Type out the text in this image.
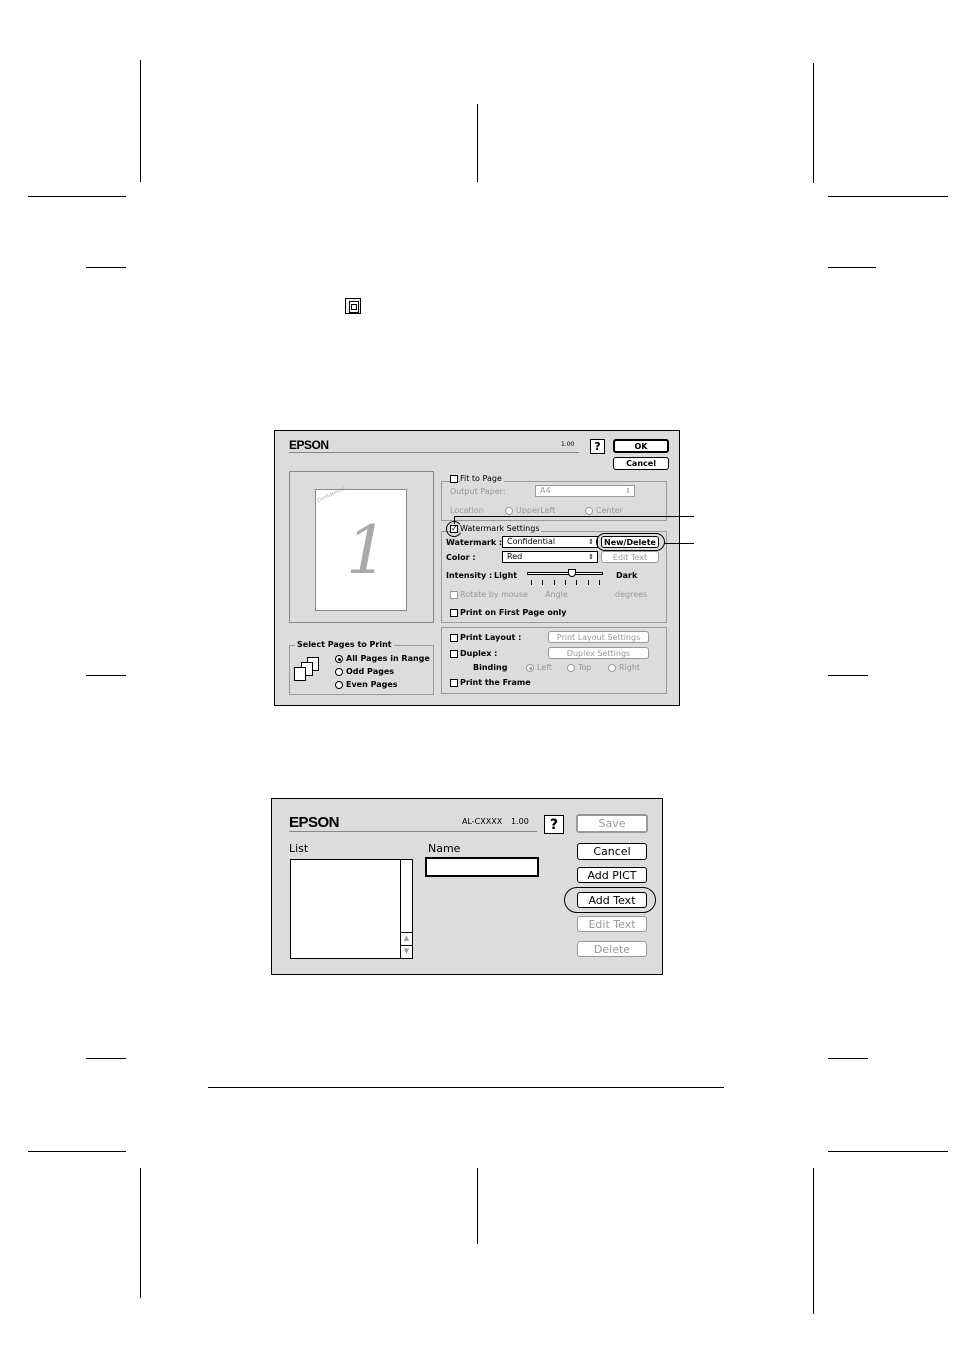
EPSON	1.00	?	OK
Cancel
Confidential
1
Fit to Page
Output Paper:	A4	⇕
Location	UpperLeft	Center
✓ Watermark Settings
Watermark : Confidential	⇕	New/Delete
Color :	Red	⇕	Edit Text
Intensity : Light	Dark
Rotate by mouse Angle	degrees
Print on First Page only
Print Layout :	Print Layout Settings
Duplex :	Duplex Settings
Binding	Left	Top	Right
Print the Frame
Select Pages to Print
All Pages in Range
Odd Pages
Even Pages
EPSON	AL-CXXXX 1.00	?	Save
Cancel
Add PICT
Add Text
Edit Text
Delete
List
▲
▼
Name
